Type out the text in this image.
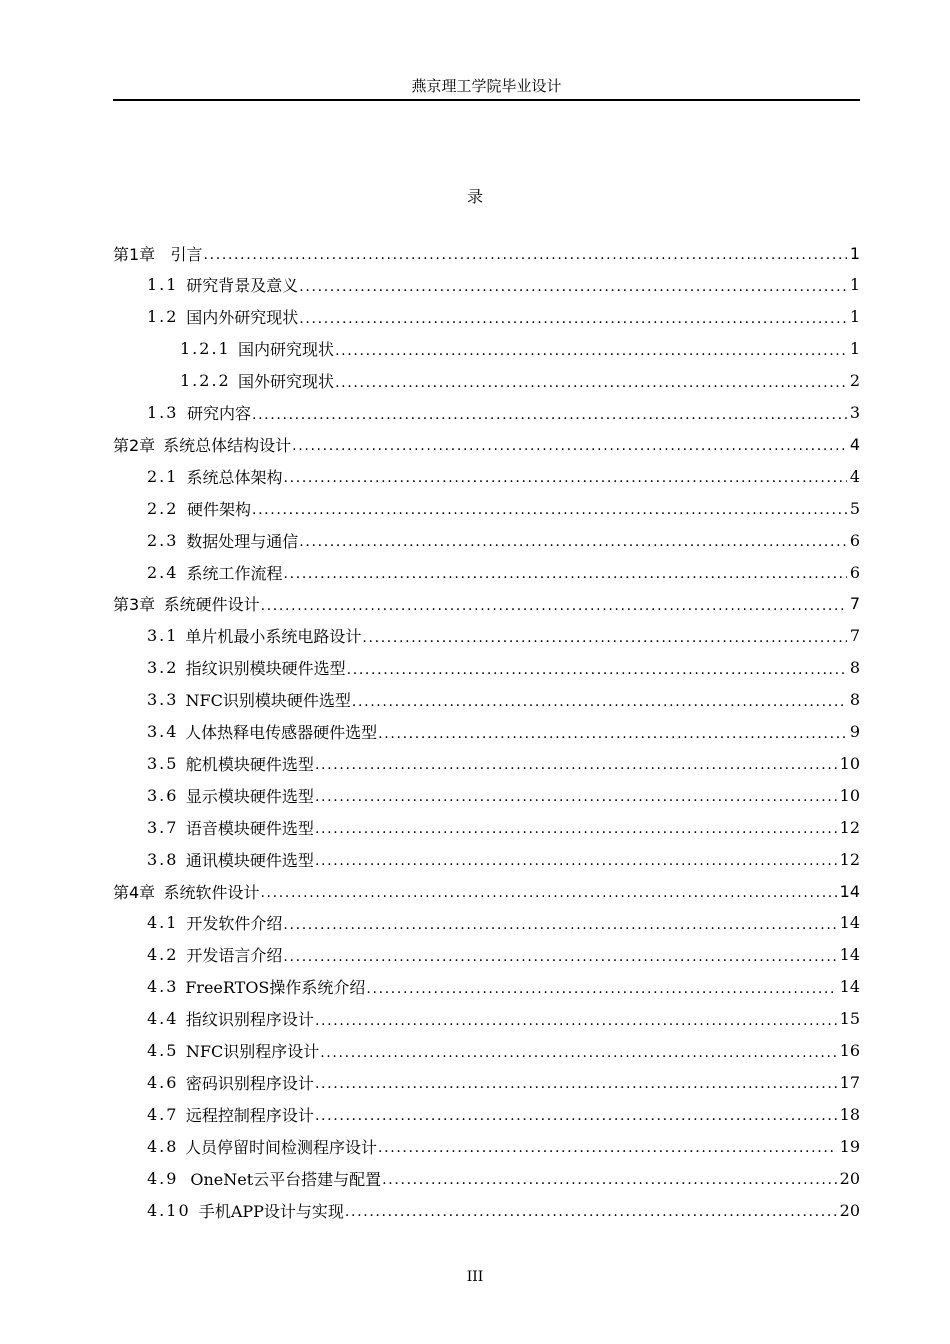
燕京理工学院毕业设计
录
第1章 引言 . . .	1
1.1 研究背景及意义 . . .	1
1.2 国内外研究现状 . . .	1
1.2.1 国内研究现状 . . .	1
1.2.2 国外研究现状 . . .	2
1.3 研究内容 . . .	3
第2章 系统总体结构设计 . . .	4
2.1 系统总体架构 . . .	4
2.2 硬件架构 . . .	5
2.3 数据处理与通信 . . .	6
2.4 系统工作流程 . . .	6
第3章 系统硬件设计 . . .	7
3.1 单片机最小系统电路设计 . . .	7
3.2 指纹识别模块硬件选型 . . .	8
3.3 NFC识别模块硬件选型 . . .	8
3.4 人体热释电传感器硬件选型 . . .	9
3.5 舵机模块硬件选型 . . .	10
3.6 显示模块硬件选型 . . .	10
3.7 语音模块硬件选型 . . .	12
3.8 通讯模块硬件选型 . . .	12
第4章 系统软件设计 . . .	14
4.1 开发软件介绍 . . .	14
4.2 开发语言介绍 . . .	14
4.3 FreeRTOS操作系统介绍 . . .	14
4.4 指纹识别程序设计 . . .	15
4.5 NFC识别程序设计 . . .	16
4.6 密码识别程序设计 . . .	17
4.7 远程控制程序设计 . . .	18
4.8 人员停留时间检测程序设计 . . .	19
4.9 OneNet云平台搭建与配置 . . .	20
4.10 手机APP设计与实现 . . .	20
III
